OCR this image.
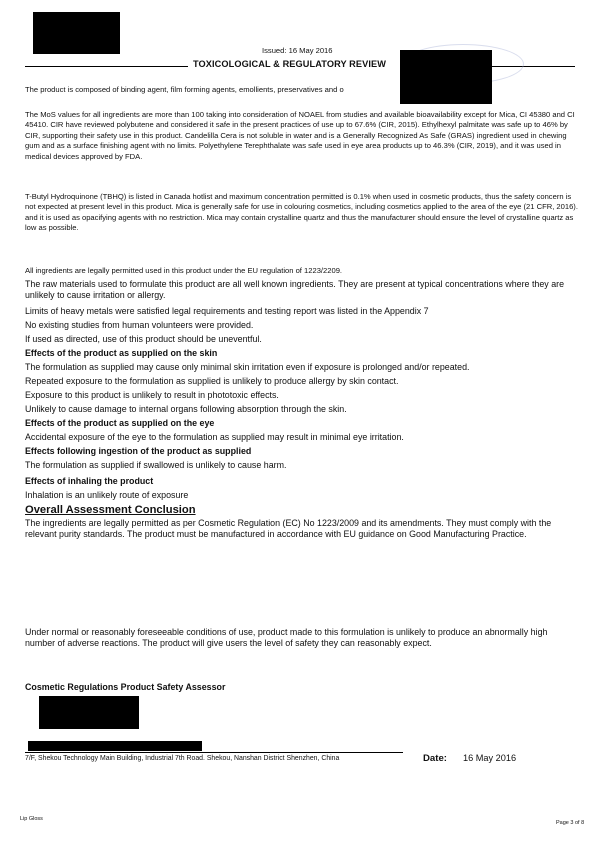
Issued: 16 May 2016
TOXICOLOGICAL & REGULATORY REVIEW
The product is composed of binding agent, film forming agents, emollients, preservatives and o
The MoS values for all ingredients are more than 100 taking into consideration of NOAEL from studies and available bioavailability except for Mica, CI 45380 and CI 45410. CIR have reviewed polybutene and considered it safe in the present practices of use up to 67.6% (CIR, 2015). Ethylhexyl palmitate was safe up to 46% by CIR, supporting their safety use in this product. Candelilla Cera is not soluble in water and is a Generally Recognized As Safe (GRAS) ingredient used in chewing gum and as a surface finishing agent with no limits. Polyethylene Terephthalate was safe used in eye area products up to 46.3% (CIR, 2019), and it was used in medical devices approved by FDA.
T-Butyl Hydroquinone (TBHQ) is listed in Canada hotlist and maximum concentration permitted is 0.1% when used in cosmetic products, thus the safety concern is not expected at present level in this product. Mica is generally safe for use in colouring cosmetics, including cosmetics applied to the area of the eye (21 CFR, 2016). and it is used as opacifying agents with no restriction. Mica may contain crystalline quartz and thus the manufacturer should ensure the level of crystalline quartz as low as possible.
All ingredients are legally permitted used in this product under the EU regulation of 1223/2209.
The raw materials used to formulate this product are all well known ingredients. They are present at typical concentrations where they are unlikely to cause irritation or allergy.
Limits of heavy metals were satisfied legal requirements and testing report was listed in the Appendix 7
No existing studies from human volunteers were provided.
If used as directed, use of this product should be uneventful.
Effects of the product as supplied on the skin
The formulation as supplied may cause only minimal skin irritation even if exposure is prolonged and/or repeated.
Repeated exposure to the formulation as supplied is unlikely to produce allergy by skin contact.
Exposure to this product is unlikely to result in phototoxic effects.
Unlikely to cause damage to internal organs following absorption through the skin.
Effects of the product as supplied on the eye
Accidental exposure of the eye to the formulation as supplied may result in minimal eye irritation.
Effects following ingestion of the product as supplied
The formulation as supplied if swallowed is unlikely to cause harm.
Effects of inhaling the product
Inhalation is an unlikely route of exposure
Overall Assessment Conclusion
The ingredients are legally permitted as per Cosmetic Regulation (EC) No 1223/2009 and its amendments. They must comply with the relevant purity standards. The product must be manufactured in accordance with EU guidance on Good Manufacturing Practice.
Under normal or reasonably foreseeable conditions of use, product made to this formulation is unlikely to produce an abnormally high number of adverse reactions. The product will give users the level of safety they can reasonably expect.
Cosmetic Regulations Product Safety Assessor
7/F, Shekou Technology Main Building, Industrial 7th Road. Shekou, Nanshan District Shenzhen, China	Date: 16 May 2016
Lip Gloss
Page 3 of 8
